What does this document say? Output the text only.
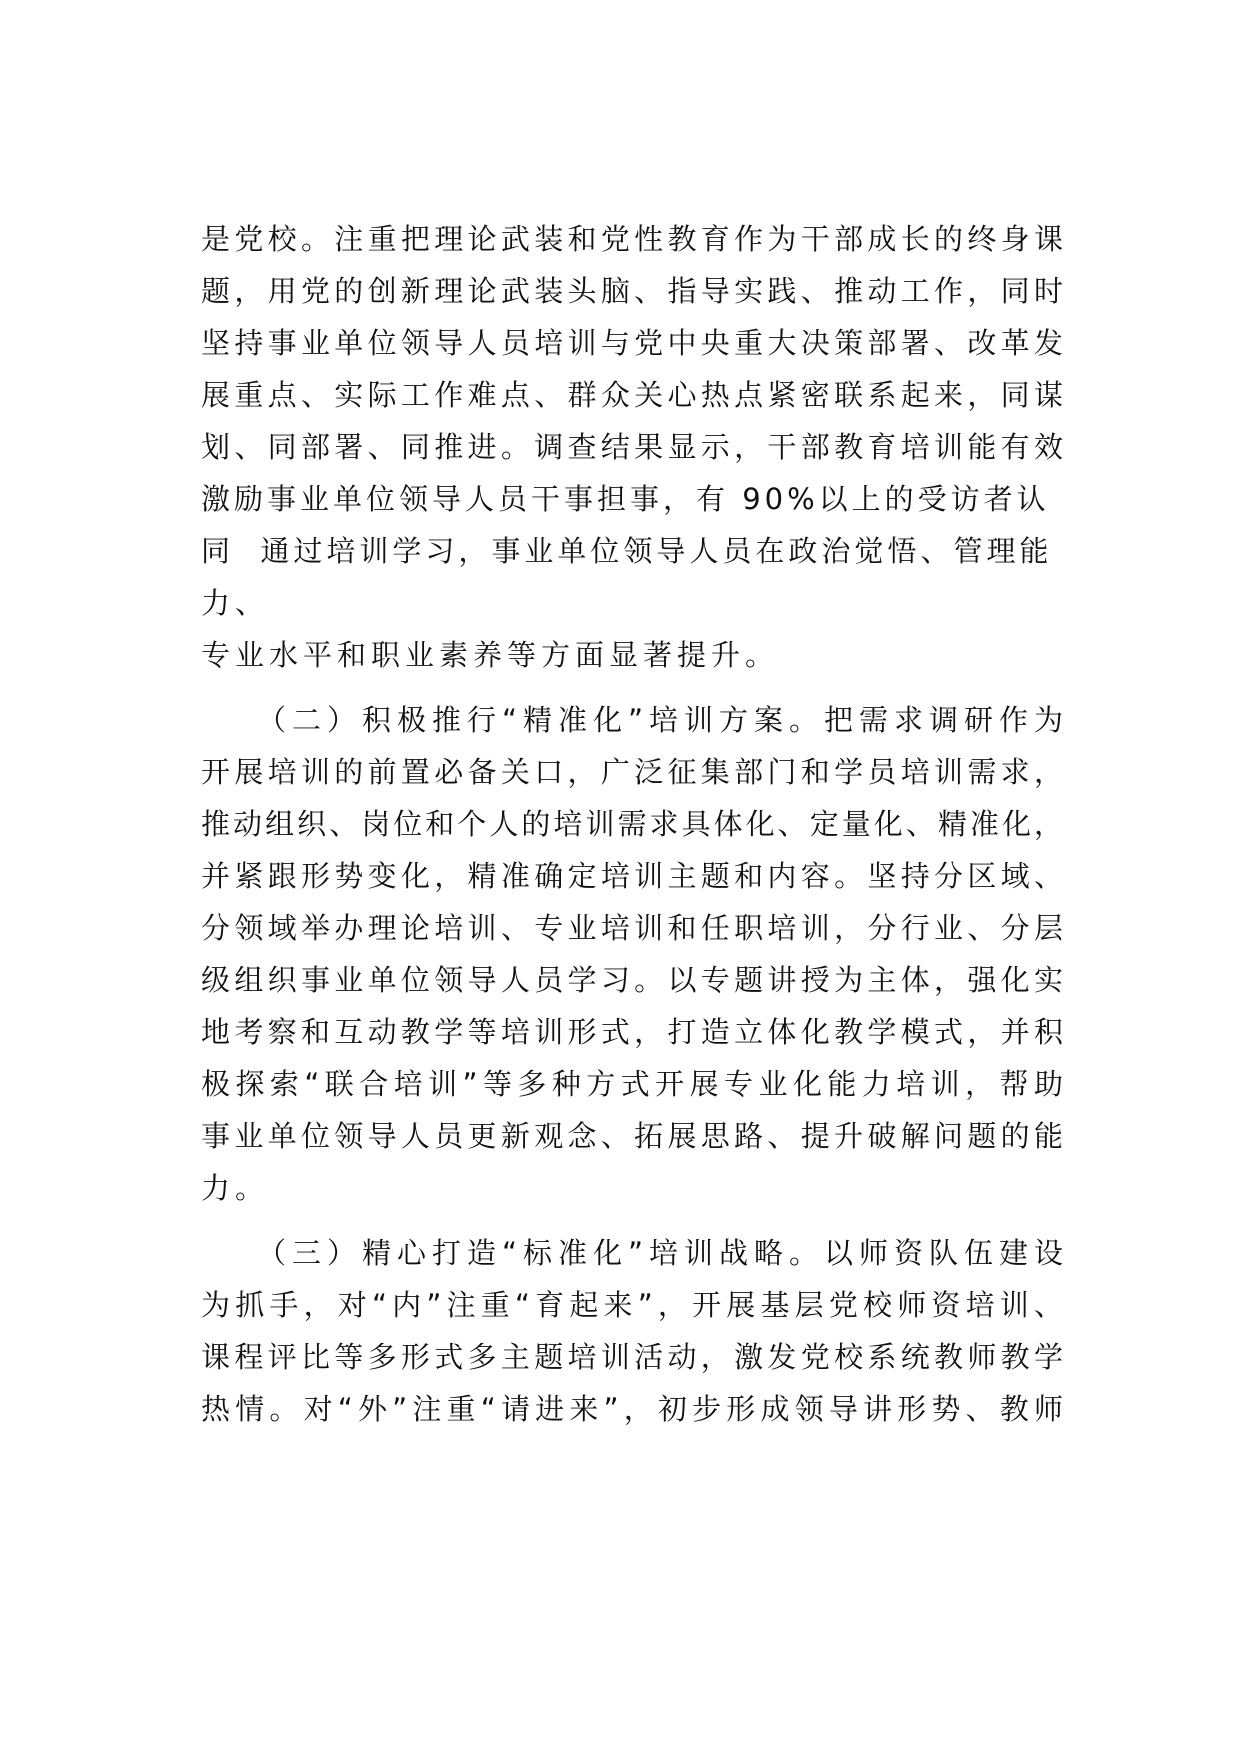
是党校。注重把理论武装和党性教育作为干部成长的终身课
题，用党的创新理论武装头脑、指导实践、推动工作，同时
坚持事业单位领导人员培训与党中央重大决策部署、改革发
展重点、实际工作难点、群众关心热点紧密联系起来，同谋
划、同部署、同推进。调查结果显示，干部教育培训能有效
激励事业单位领导人员干事担事，有 90%以上的受访者认
同  通过培训学习，事业单位领导人员在政治觉悟、管理能
力、
专业水平和职业素养等方面显著提升。
（二）积极推行“精准化”培训方案。把需求调研作为
开展培训的前置必备关口，广泛征集部门和学员培训需求，
推动组织、岗位和个人的培训需求具体化、定量化、精准化，
并紧跟形势变化，精准确定培训主题和内容。坚持分区域、
分领域举办理论培训、专业培训和任职培训，分行业、分层
级组织事业单位领导人员学习。以专题讲授为主体，强化实
地考察和互动教学等培训形式，打造立体化教学模式，并积
极探索“联合培训”等多种方式开展专业化能力培训，帮助
事业单位领导人员更新观念、拓展思路、提升破解问题的能
力。
（三）精心打造“标准化”培训战略。以师资队伍建设
为抓手，对“内”注重“育起来”，开展基层党校师资培训、
课程评比等多形式多主题培训活动，激发党校系统教师教学
热情。对“外”注重“请进来”，初步形成领导讲形势、教师
